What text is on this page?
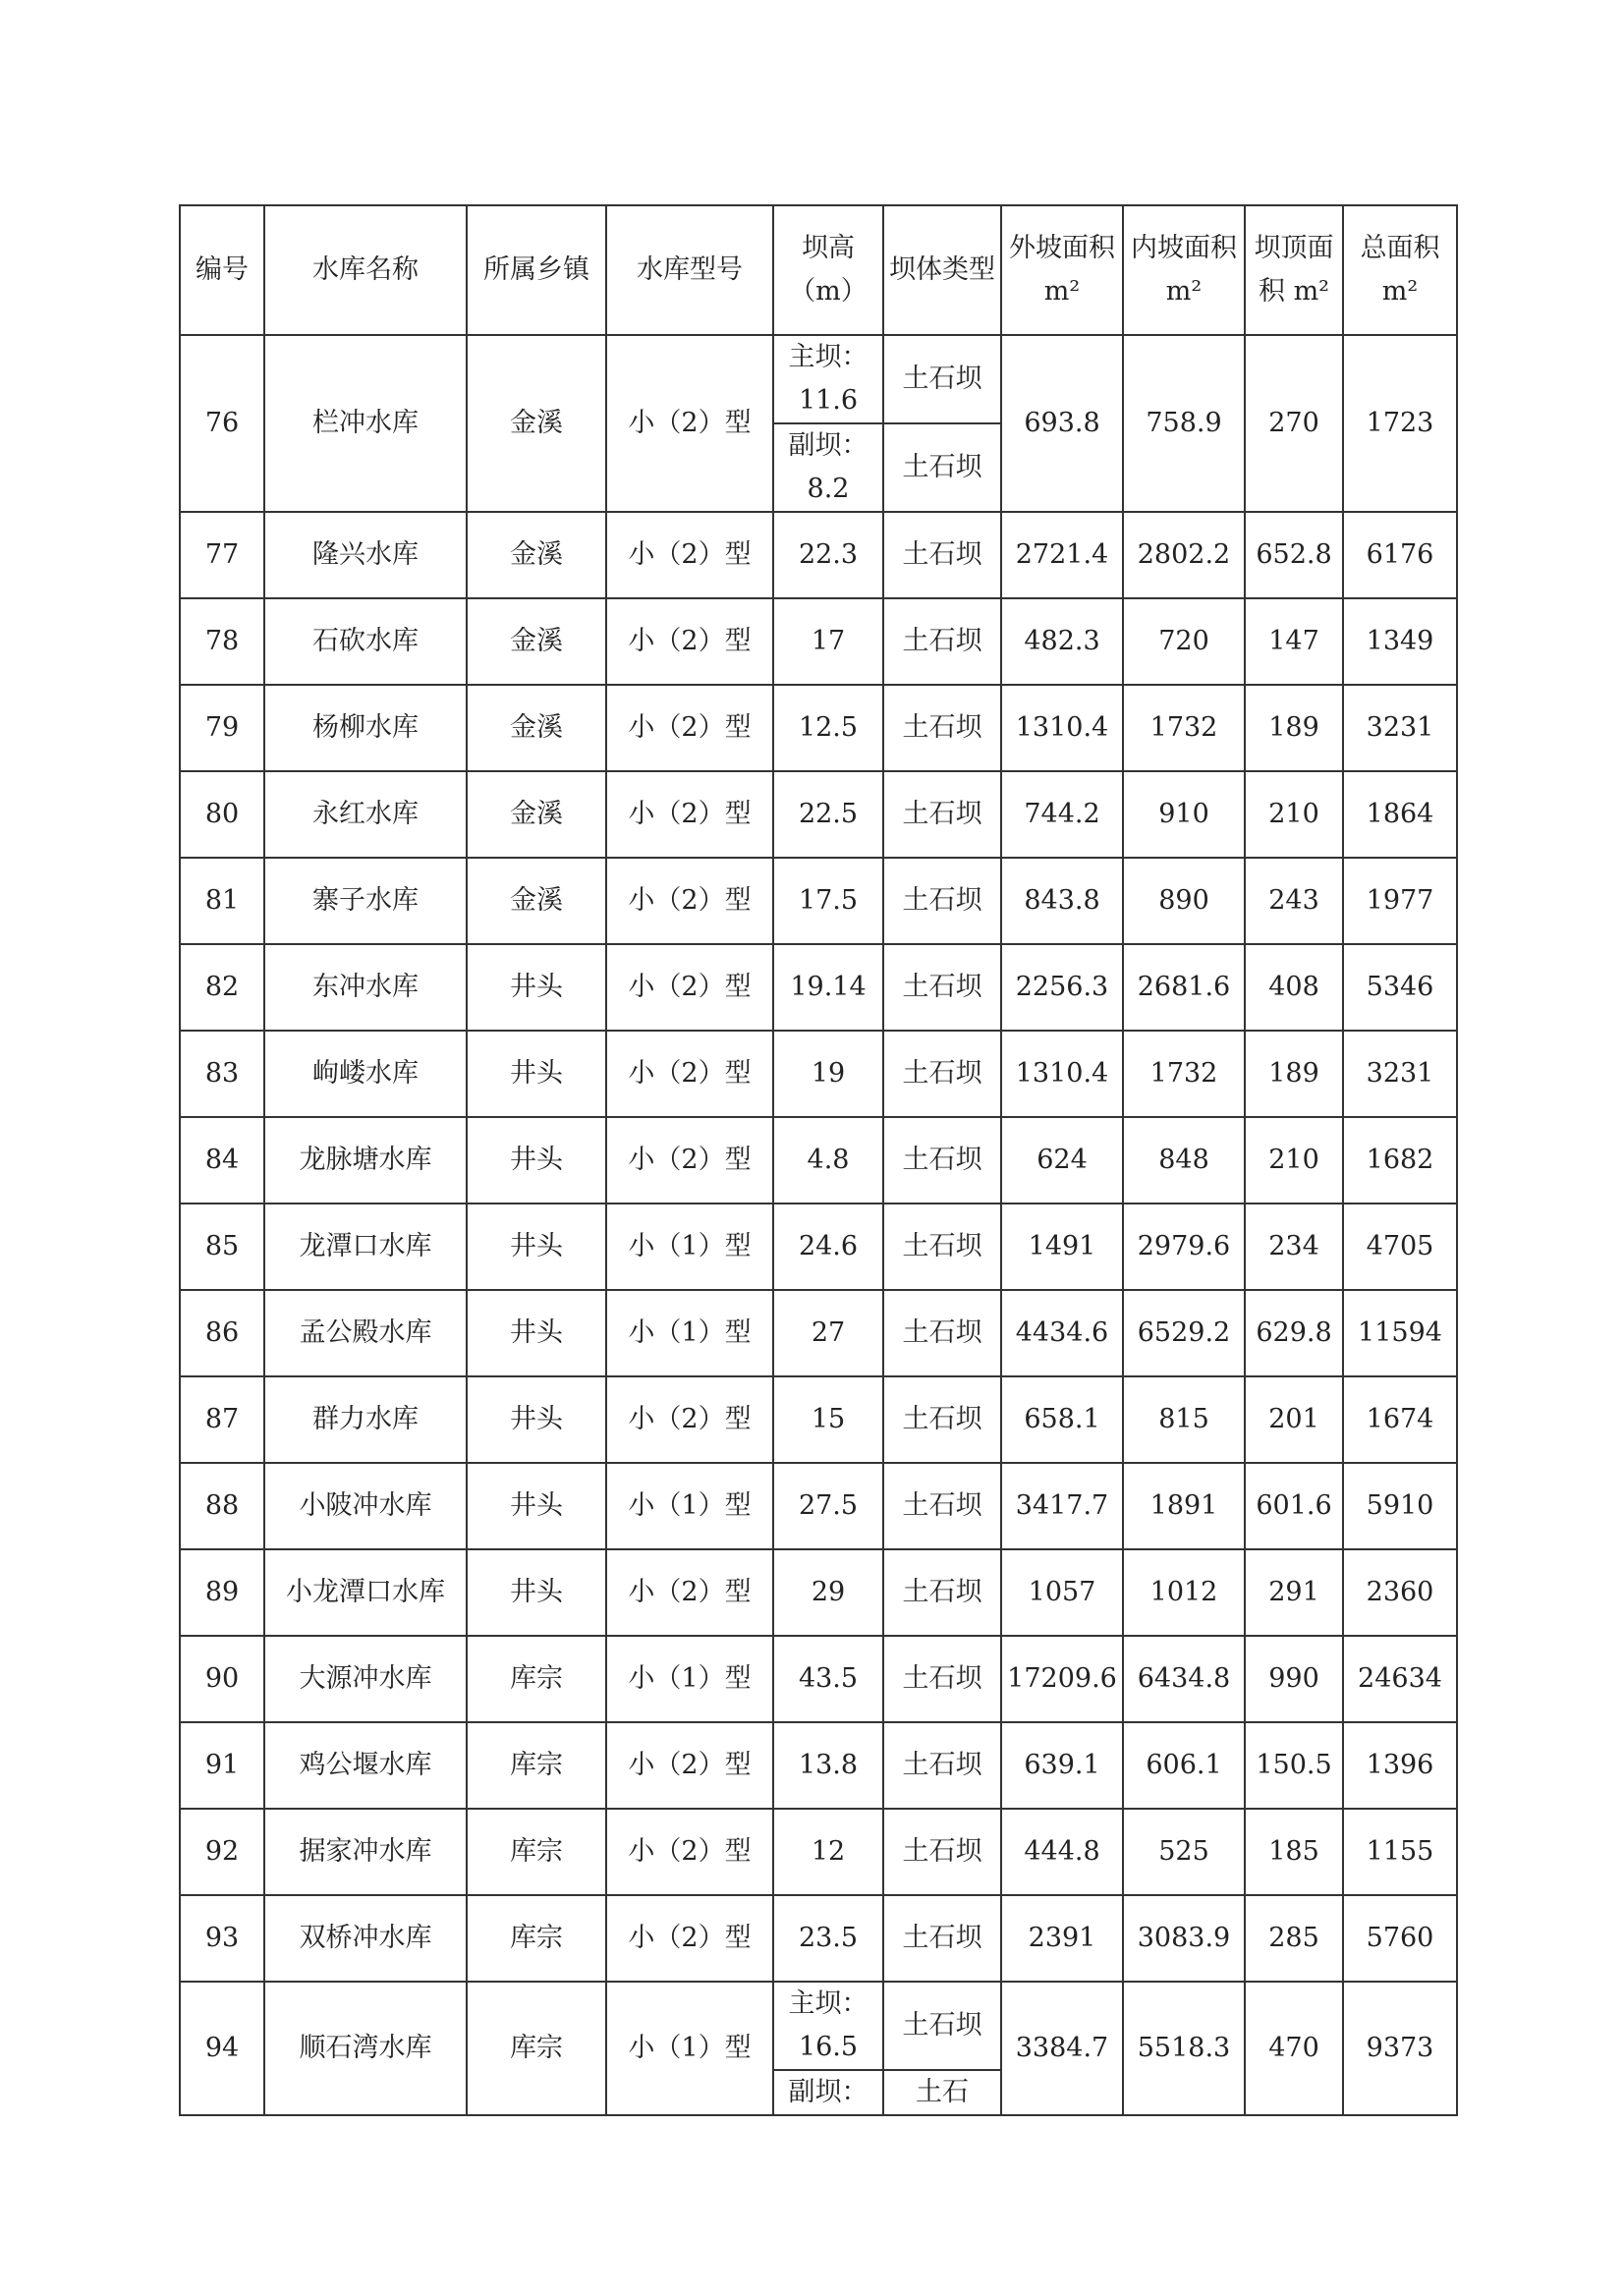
编号	水库名称	所属乡镇	水库型号	坝高（m）	坝体类型	外坡面积 m²	内坡面积 m²	坝顶面积 m²	总面积 m²
76	栏冲水库	金溪	小（2）型	主坝：11.6	土石坝	693.8	758.9	270	1723
				副坝：8.2	土石坝				
77	隆兴水库	金溪	小（2）型	22.3	土石坝	2721.4	2802.2	652.8	6176
78	石砍水库	金溪	小（2）型	17	土石坝	482.3	720	147	1349
79	杨柳水库	金溪	小（2）型	12.5	土石坝	1310.4	1732	189	3231
80	永红水库	金溪	小（2）型	22.5	土石坝	744.2	910	210	1864
81	寨子水库	金溪	小（2）型	17.5	土石坝	843.8	890	243	1977
82	东冲水库	井头	小（2）型	19.14	土石坝	2256.3	2681.6	408	5346
83	岣嵝水库	井头	小（2）型	19	土石坝	1310.4	1732	189	3231
84	龙脉塘水库	井头	小（2）型	4.8	土石坝	624	848	210	1682
85	龙潭口水库	井头	小（1）型	24.6	土石坝	1491	2979.6	234	4705
86	孟公殿水库	井头	小（1）型	27	土石坝	4434.6	6529.2	629.8	11594
87	群力水库	井头	小（2）型	15	土石坝	658.1	815	201	1674
88	小陂冲水库	井头	小（1）型	27.5	土石坝	3417.7	1891	601.6	5910
89	小龙潭口水库	井头	小（2）型	29	土石坝	1057	1012	291	2360
90	大源冲水库	库宗	小（1）型	43.5	土石坝	17209.6	6434.8	990	24634
91	鸡公堰水库	库宗	小（2）型	13.8	土石坝	639.1	606.1	150.5	1396
92	据家冲水库	库宗	小（2）型	12	土石坝	444.8	525	185	1155
93	双桥冲水库	库宗	小（2）型	23.5	土石坝	2391	3083.9	285	5760
94	顺石湾水库	库宗	小（1）型	主坝：16.5	土石坝	3384.7	5518.3	470	9373
				副坝：	土石				
